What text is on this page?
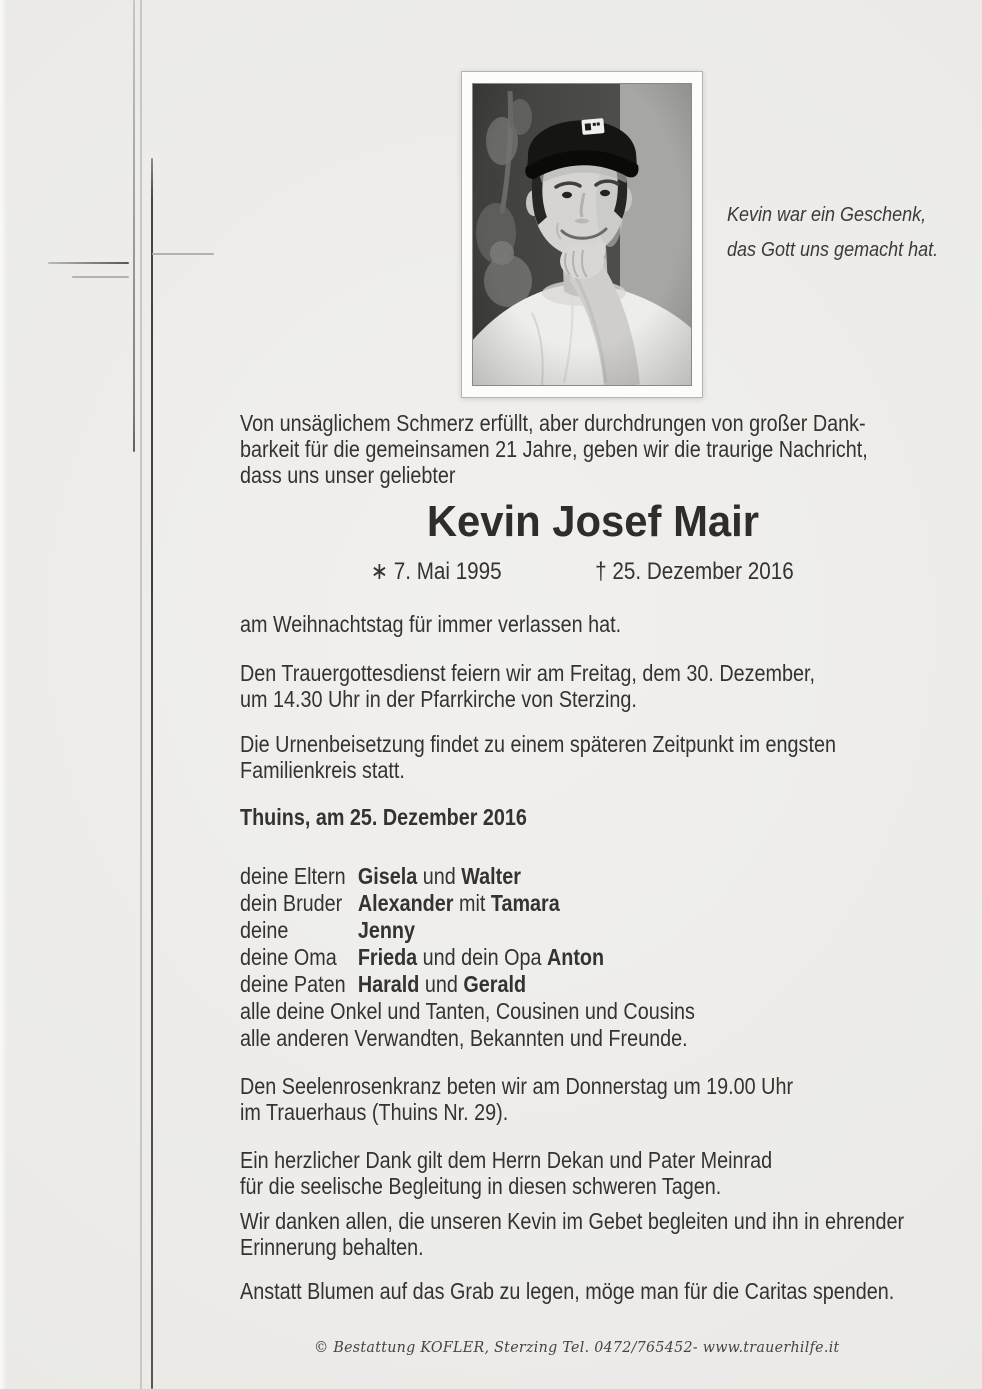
Kevin war ein Geschenk,
das Gott uns gemacht hat.
Von unsäglichem Schmerz erfüllt, aber durchdrungen von großer Dank-
barkeit für die gemeinsamen 21 Jahre, geben wir die traurige Nachricht,
dass uns unser geliebter
Kevin Josef Mair
∗ 7. Mai 1995	† 25. Dezember 2016
am Weihnachtstag für immer verlassen hat.
Den Trauergottesdienst feiern wir am Freitag, dem 30. Dezember,
um 14.30 Uhr in der Pfarrkirche von Sterzing.
Die Urnenbeisetzung findet zu einem späteren Zeitpunkt im engsten
Familienkreis statt.
Thuins, am 25. Dezember 2016
deine Eltern Gisela und Walter
dein Bruder Alexander mit Tamara
deine	Jenny
deine Oma Frieda und dein Opa Anton
deine Paten Harald und Gerald
alle deine Onkel und Tanten, Cousinen und Cousins
alle anderen Verwandten, Bekannten und Freunde.
Den Seelenrosenkranz beten wir am Donnerstag um 19.00 Uhr
im Trauerhaus (Thuins Nr. 29).
Ein herzlicher Dank gilt dem Herrn Dekan und Pater Meinrad
für die seelische Begleitung in diesen schweren Tagen.
Wir danken allen, die unseren Kevin im Gebet begleiten und ihn in ehrender
Erinnerung behalten.
Anstatt Blumen auf das Grab zu legen, möge man für die Caritas spenden.
© Bestattung KOFLER, Sterzing Tel. 0472/765452- www.trauerhilfe.it
